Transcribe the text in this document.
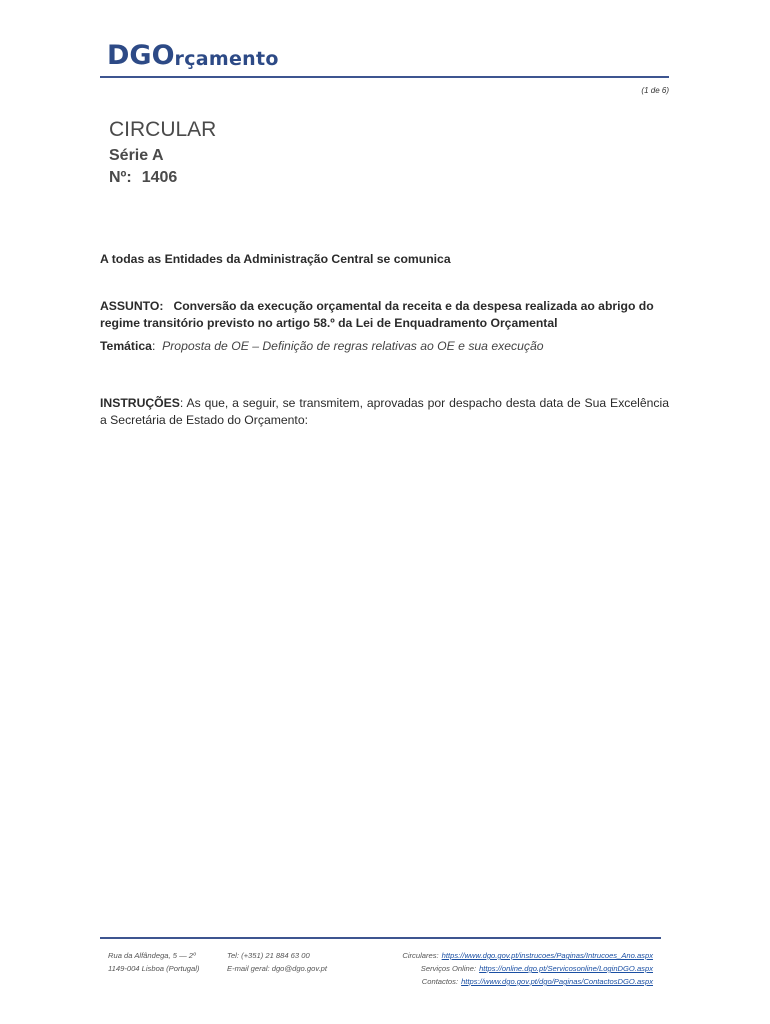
DGO rçamento
(1 de 6)
CIRCULAR
Série A
Nº: 1406
A todas as Entidades da Administração Central se comunica
ASSUNTO: Conversão da execução orçamental da receita e da despesa realizada ao abrigo do regime transitório previsto no artigo 58.º da Lei de Enquadramento Orçamental
Temática: Proposta de OE – Definição de regras relativas ao OE e sua execução
INSTRUÇÕES: As que, a seguir, se transmitem, aprovadas por despacho desta data de Sua Excelência a Secretária de Estado do Orçamento:
Rua da Alfândega, 5 — 2º
1149-004 Lisboa (Portugal)
Tel: (+351) 21 884 63 00
E-mail geral: dgo@dgo.gov.pt
Circulares: https://www.dgo.gov.pt/instrucoes/Paginas/Intrucoes_Ano.aspx
Serviços Online: https://online.dgo.pt/Servicosonline/LoginDGO.aspx
Contactos: https://www.dgo.gov.pt/dgo/Paginas/ContactosDGO.aspx
